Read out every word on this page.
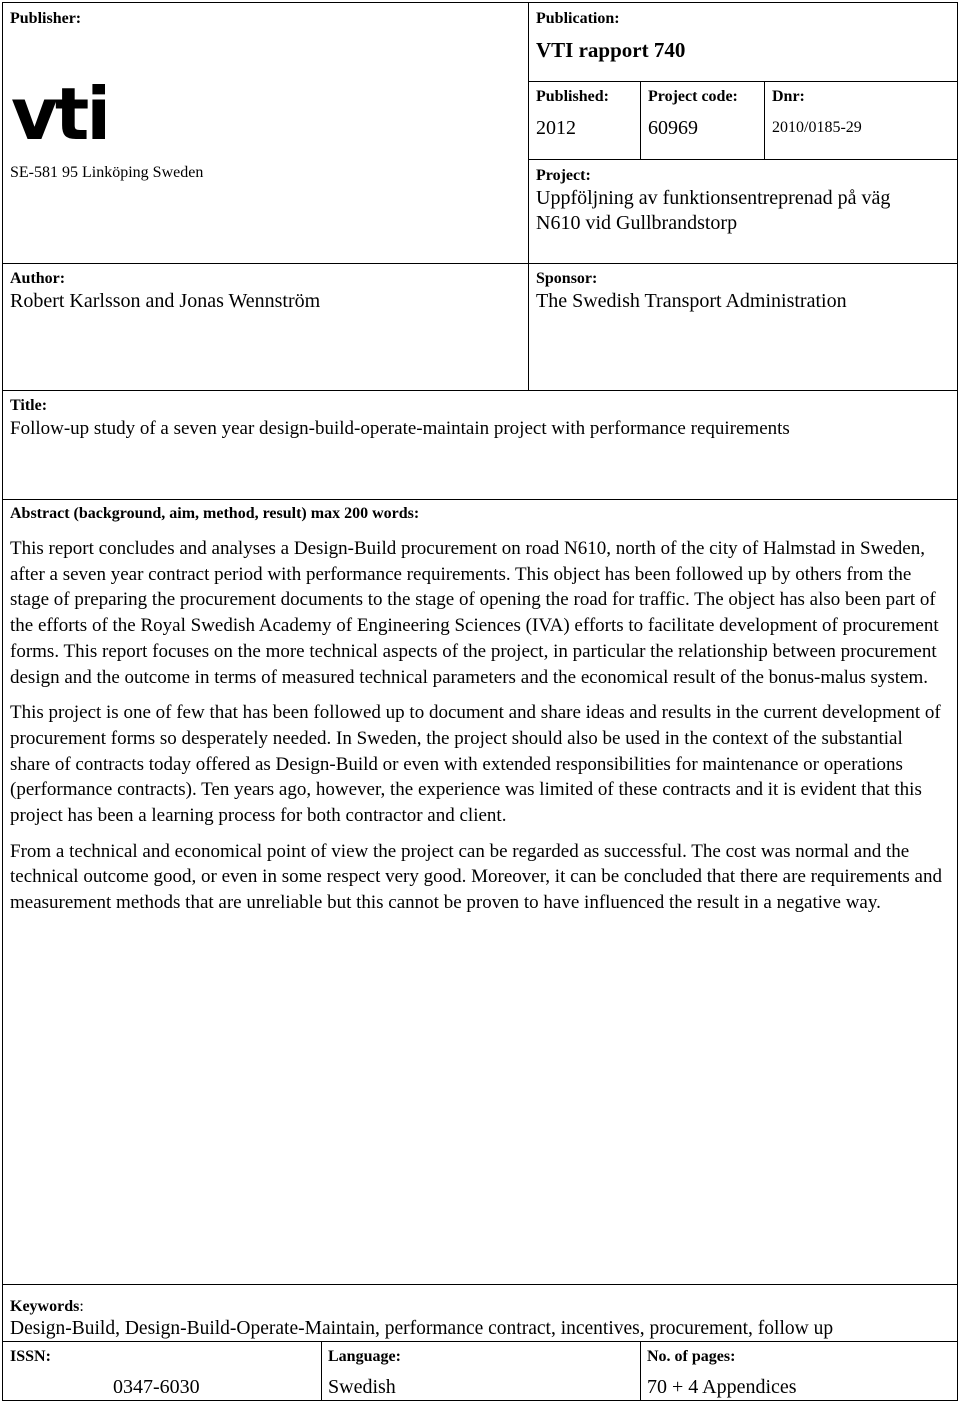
Publisher:
vti
SE-581 95 Linköping Sweden
Publication:
VTI rapport 740
Published:
2012
Project code:
60969
Dnr:
2010/0185-29
Project:
Uppföljning av funktionsentreprenad på väg
N610 vid Gullbrandstorp
Author:
Robert Karlsson and Jonas Wennström
Sponsor:
The Swedish Transport Administration
Title:
Follow-up study of a seven year design-build-operate-maintain project with performance requirements
Abstract (background, aim, method, result) max 200 words:

This report concludes and analyses a Design-Build procurement on road N610, north of the city of Halmstad in Sweden, after a seven year contract period with performance requirements. This object has been followed up by others from the stage of preparing the procurement documents to the stage of opening the road for traffic. The object has also been part of the efforts of the Royal Swedish Academy of Engineering Sciences (IVA) efforts to facilitate development of procurement forms. This report focuses on the more technical aspects of the project, in particular the relationship between procurement design and the outcome in terms of measured technical parameters and the economical result of the bonus-malus system.

This project is one of few that has been followed up to document and share ideas and results in the current development of procurement forms so desperately needed. In Sweden, the project should also be used in the context of the substantial share of contracts today offered as Design-Build or even with extended responsibilities for maintenance or operations (performance contracts). Ten years ago, however, the experience was limited of these contracts and it is evident that this project has been a learning process for both contractor and client.

From a technical and economical point of view the project can be regarded as successful. The cost was normal and the technical outcome good, or even in some respect very good. Moreover, it can be concluded that there are requirements and measurement methods that are unreliable but this cannot be proven to have influenced the result in a negative way.

Keywords:
Design-Build, Design-Build-Operate-Maintain, performance contract, incentives, procurement, follow up
ISSN:
0347-6030
Language:
Swedish
No. of pages:
70 + 4 Appendices
